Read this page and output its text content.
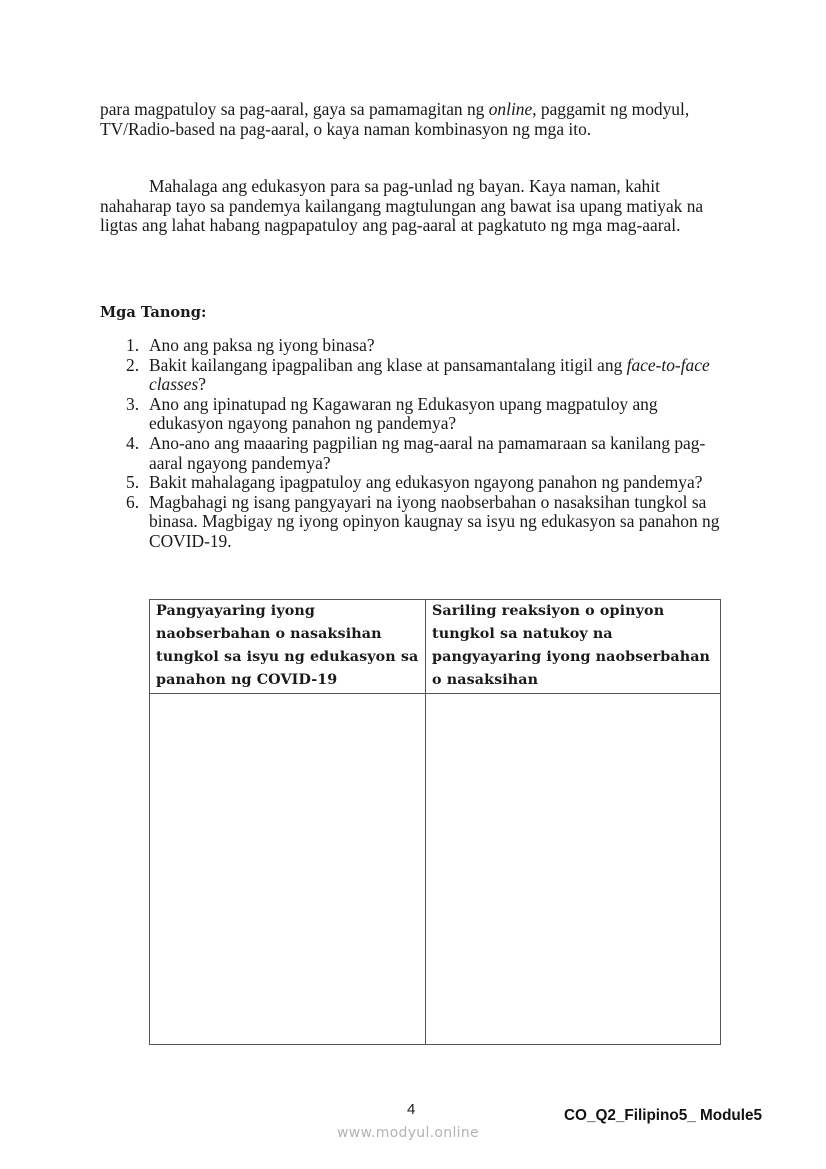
para magpatuloy sa pag-aaral, gaya sa pamamagitan ng online, paggamit ng modyul, TV/Radio-based na pag-aaral, o kaya naman kombinasyon ng mga ito.

Mahalaga ang edukasyon para sa pag-unlad ng bayan. Kaya naman, kahit nahaharap tayo sa pandemya kailangang magtulungan ang bawat isa upang matiyak na ligtas ang lahat habang nagpapatuloy ang pag-aaral at pagkatuto ng mga mag-aaral.

Mga Tanong:
1. Ano ang paksa ng iyong binasa?
2. Bakit kailangang ipagpaliban ang klase at pansamantalang itigil ang face-to-face classes?
3. Ano ang ipinatupad ng Kagawaran ng Edukasyon upang magpatuloy ang edukasyon ngayong panahon ng pandemya?
4. Ano-ano ang maaaring pagpilian ng mag-aaral na pamamaraan sa kanilang pag-aaral ngayong pandemya?
5. Bakit mahalagang ipagpatuloy ang edukasyon ngayong panahon ng pandemya?
6. Magbahagi ng isang pangyayari na iyong naobserbahan o nasaksihan tungkol sa binasa. Magbigay ng iyong opinyon kaugnay sa isyu ng edukasyon sa panahon ng COVID-19.
Pangyayaring iyong naobserbahan o nasaksihan tungkol sa isyu ng edukasyon sa panahon ng COVID-19	Sariling reaksiyon o opinyon tungkol sa natukoy na pangyayaring iyong naobserbahan o nasaksihan

4	CO_Q2_Filipino5_ Module5
www.modyul.online
